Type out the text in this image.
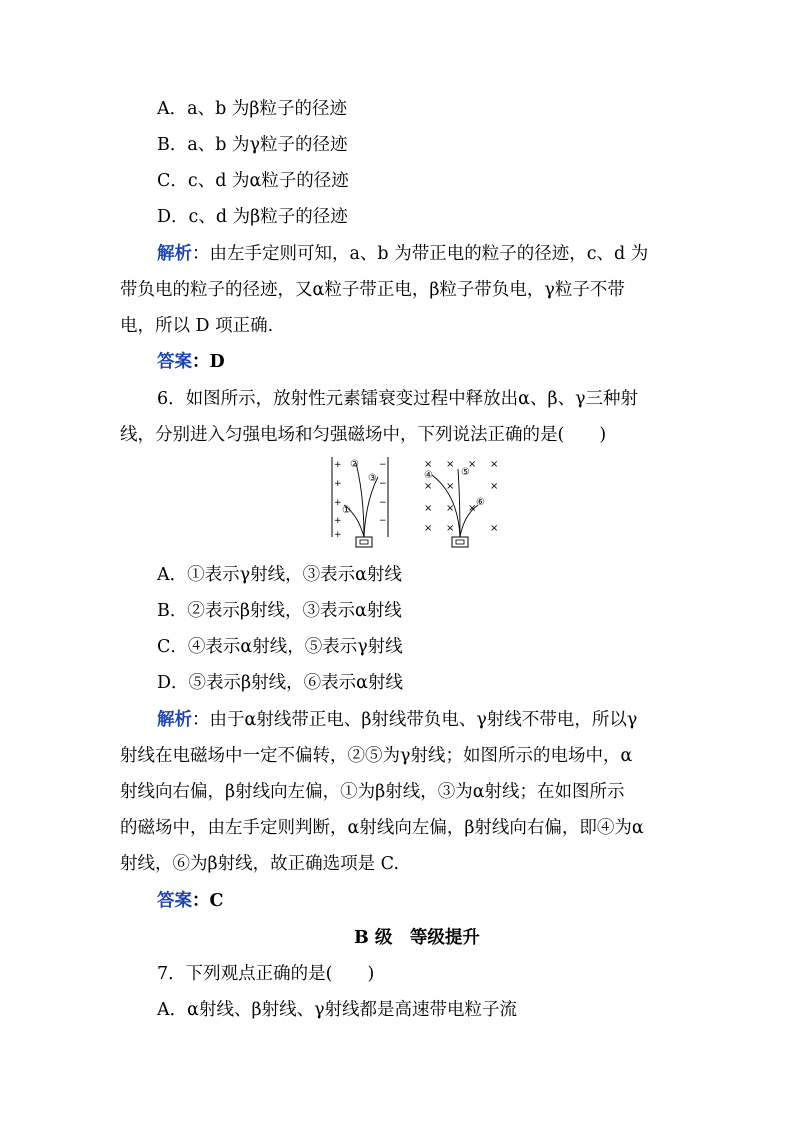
A．a、b 为β粒子的径迹
B．a、b 为γ粒子的径迹
C．c、d 为α粒子的径迹
D．c、d 为β粒子的径迹
解析：由左手定则可知，a、b 为带正电的粒子的径迹，c、d 为
带负电的粒子的径迹，又α粒子带正电，β粒子带负电，γ粒子不带
电，所以 D 项正确.
答案：D
6．如图所示，放射性元素镭衰变过程中释放出α、β、γ三种射
线，分别进入匀强电场和匀强磁场中，下列说法正确的是(　　)
+
+
+
+
+
−
−
−
−
①
②
③
× × × ×
× ×	×
× × ×
× ×	×
④	⑤
⑥
A．①表示γ射线，③表示α射线
B．②表示β射线，③表示α射线
C．④表示α射线，⑤表示γ射线
D．⑤表示β射线，⑥表示α射线
解析：由于α射线带正电、β射线带负电、γ射线不带电，所以γ
射线在电磁场中一定不偏转，②⑤为γ射线；如图所示的电场中，α
射线向右偏，β射线向左偏，①为β射线，③为α射线；在如图所示
的磁场中，由左手定则判断，α射线向左偏，β射线向右偏，即④为α
射线，⑥为β射线，故正确选项是 C.
答案：C
B 级　等级提升
7．下列观点正确的是(　　)
A．α射线、β射线、γ射线都是高速带电粒子流
